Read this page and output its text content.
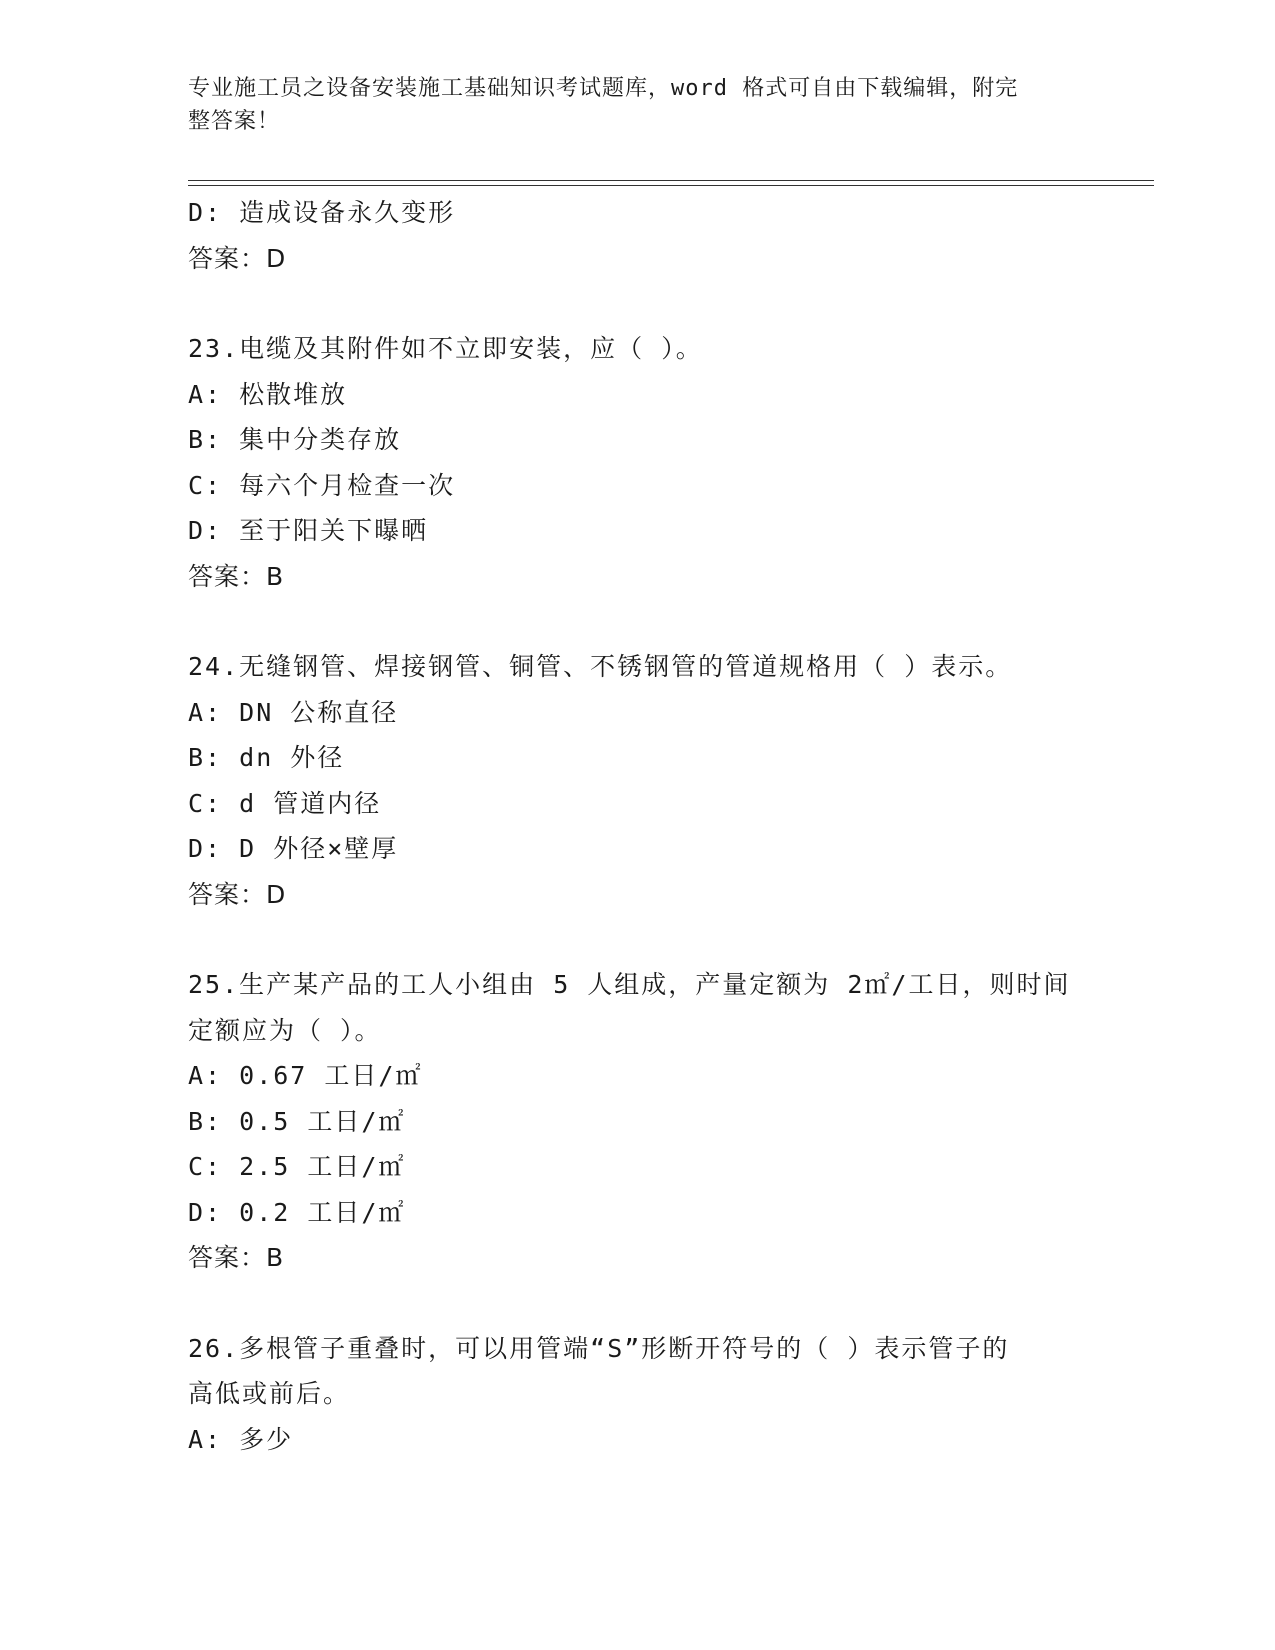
专业施工员之设备安装施工基础知识考试题库，word 格式可自由下载编辑，附完
整答案！
D: 造成设备永久变形
答案：D
23.电缆及其附件如不立即安装，应（ ）。
A: 松散堆放
B: 集中分类存放
C: 每六个月检查一次
D: 至于阳关下曝晒
答案：B
24.无缝钢管、焊接钢管、铜管、不锈钢管的管道规格用（ ）表示。
A: DN 公称直径
B: dn 外径
C: d 管道内径
D: D 外径×壁厚
答案：D
25.生产某产品的工人小组由 5 人组成，产量定额为 2㎡/工日，则时间
定额应为（ ）。
A: 0.67 工日/㎡
B: 0.5 工日/㎡
C: 2.5 工日/㎡
D: 0.2 工日/㎡
答案：B
26.多根管子重叠时，可以用管端“S”形断开符号的（ ）表示管子的
高低或前后。
A: 多少
